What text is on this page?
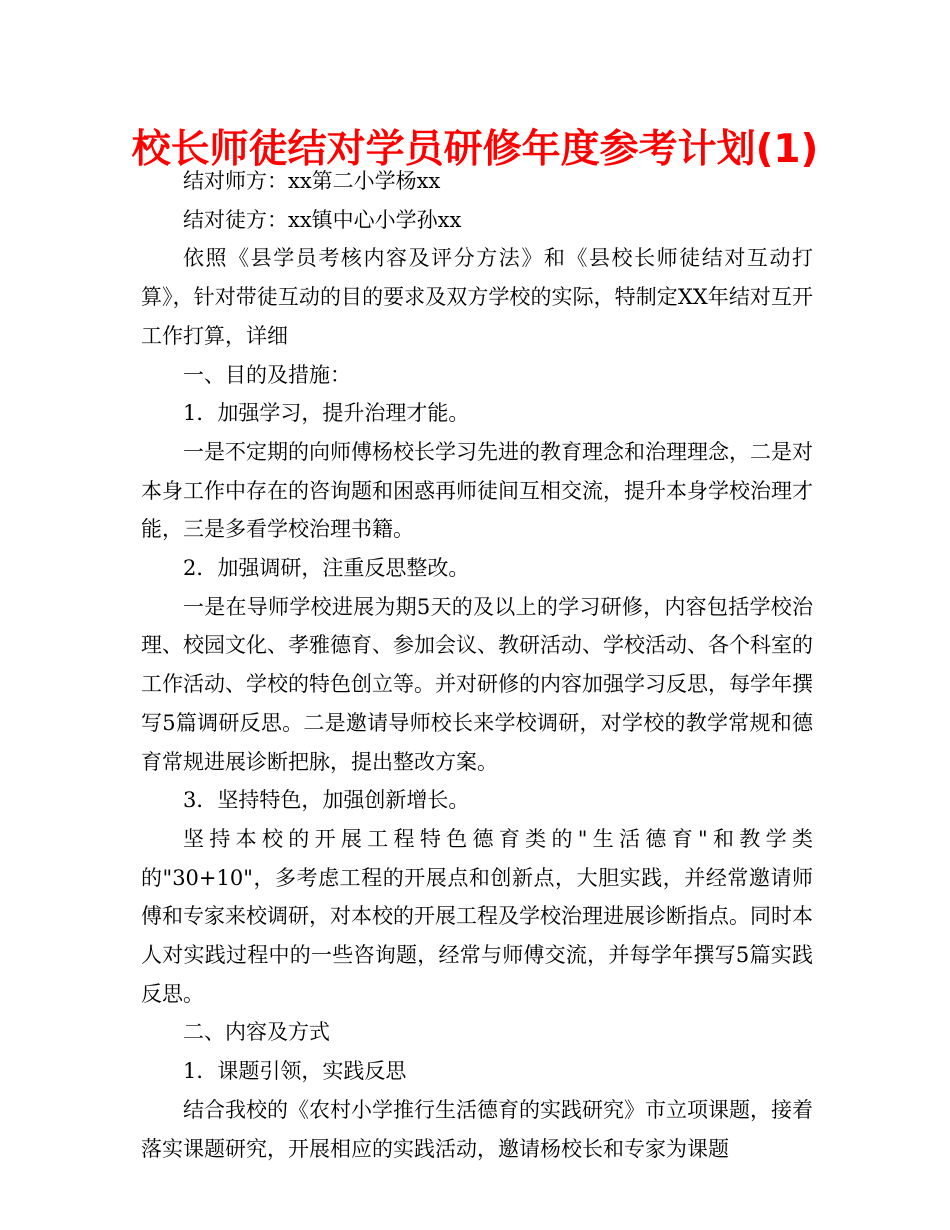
校长师徒结对学员研修年度参考计划(1)

结对师方：xx第二小学杨xx

结对徒方：xx镇中心小学孙xx

依照《县学员考核内容及评分方法》和《县校长师徒结对互动打算》，针对带徒互动的目的要求及双方学校的实际，特制定XX年结对互开工作打算，详细

一、目的及措施：

1．加强学习，提升治理才能。

一是不定期的向师傅杨校长学习先进的教育理念和治理理念，二是对本身工作中存在的咨询题和困惑再师徒间互相交流，提升本身学校治理才能，三是多看学校治理书籍。

2．加强调研，注重反思整改。

一是在导师学校进展为期5天的及以上的学习研修，内容包括学校治理、校园文化、孝雅德育、参加会议、教研活动、学校活动、各个科室的工作活动、学校的特色创立等。并对研修的内容加强学习反思，每学年撰写5篇调研反思。二是邀请导师校长来学校调研，对学校的教学常规和德育常规进展诊断把脉，提出整改方案。

3．坚持特色，加强创新增长。

坚持本校的开展工程特色德育类的"生活德育"和教学类的"30+10"，多考虑工程的开展点和创新点，大胆实践，并经常邀请师傅和专家来校调研，对本校的开展工程及学校治理进展诊断指点。同时本人对实践过程中的一些咨询题，经常与师傅交流，并每学年撰写5篇实践反思。

二、内容及方式

1．课题引领，实践反思

结合我校的《农村小学推行生活德育的实践研究》市立项课题，接着落实课题研究，开展相应的实践活动，邀请杨校长和专家为课题
